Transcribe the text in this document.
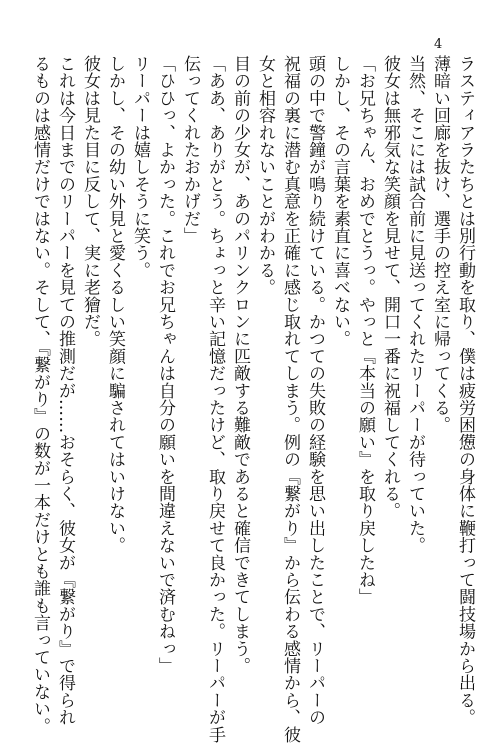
4
ラスティアラたちとは別行動を取り、僕は疲労困憊の身体に鞭打って闘技場から出る。
薄暗い回廊を抜け、選手の控え室に帰ってくる。
当然、そこには試合前に見送ってくれたリーパーが待っていた。
彼女は無邪気な笑顔を見せて、開口一番に祝福してくれる。
「お兄ちゃん、おめでとうっ。やっと『本当の願い』を取り戻したね」
しかし、その言葉を素直に喜べない。
頭の中で警鐘が鳴り続けている。かつての失敗の経験を思い出したことで、リーパーの
祝福の裏に潜む真意を正確に感じ取れてしまう。例の『繋がり』から伝わる感情から、彼
女と相容れないことがわかる。
目の前の少女が、あのパリンクロンに匹敵する難敵であると確信できてしまう。
「ああ、ありがとう。ちょっと辛い記憶だったけど、取り戻せて良かった。リーパーが手
伝ってくれたおかげだ」
「ひひっ、よかった。これでお兄ちゃんは自分の願いを間違えないで済むねっ」
リーパーは嬉しそうに笑う。
しかし、その幼い外見と愛くるしい笑顔に騙されてはいけない。
彼女は見た目に反して、実に老獪だ。
これは今日までのリーパーを見ての推測だが……おそらく、彼女が『繋がり』で得られ
るものは感情だけではない。そして、『繋がり』の数が一本だけとも誰も言っていない。
